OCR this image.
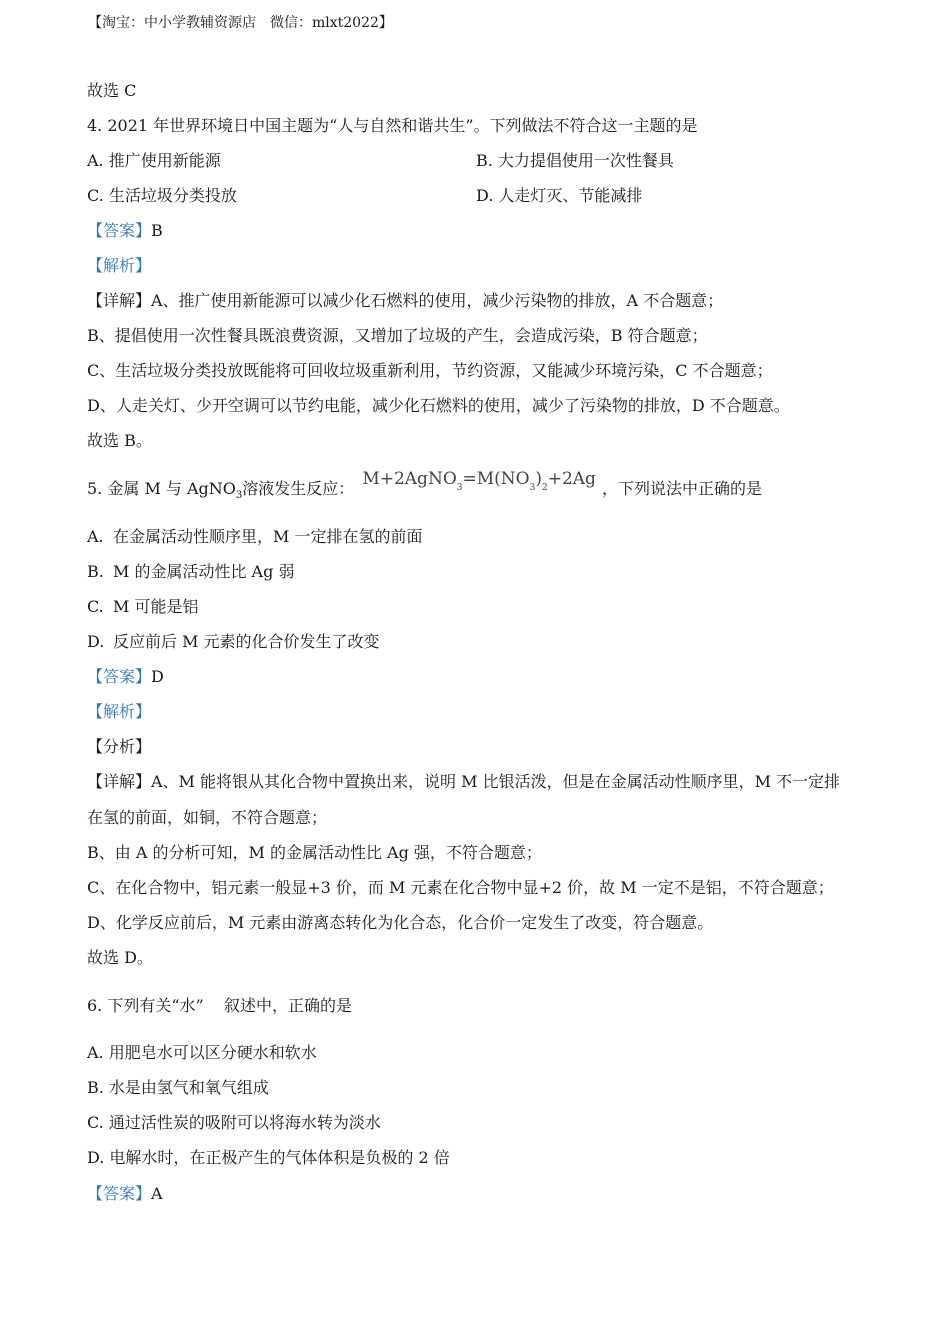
【淘宝：中小学教辅资源店 微信：mlxt2022】
故选 C
4. 2021 年世界环境日中国主题为“人与自然和谐共生”。下列做法不符合这一主题的是
A. 推广使用新能源	B. 大力提倡使用一次性餐具
C. 生活垃圾分类投放	D. 人走灯灭、节能减排
【答案】B
【解析】
【详解】A、推广使用新能源可以减少化石燃料的使用，减少污染物的排放，A 不合题意；
B、提倡使用一次性餐具既浪费资源，又增加了垃圾的产生，会造成污染，B 符合题意；
C、生活垃圾分类投放既能将可回收垃圾重新利用，节约资源，又能减少环境污染，C 不合题意；
D、人走关灯、少开空调可以节约电能，减少化石燃料的使用，减少了污染物的排放，D 不合题意。
故选 B。
5. 金属 M 与 AgNO$_3$溶液发生反应： $M+2AgNO_3=M(NO_3)_2+2Ag$ ，下列说法中正确的是
A. 在金属活动性顺序里，M 一定排在氢的前面
B. M 的金属活动性比 Ag 弱
C. M 可能是铝
D. 反应前后 M 元素的化合价发生了改变
【答案】D
【解析】
【分析】
【详解】A、M 能将银从其化合物中置换出来，说明 M 比银活泼，但是在金属活动性顺序里，M 不一定排
在氢的前面，如铜，不符合题意；
B、由 A 的分析可知，M 的金属活动性比 Ag 强，不符合题意；
C、在化合物中，铝元素一般显+3 价，而 M 元素在化合物中显+2 价，故 M 一定不是铝，不符合题意；
D、化学反应前后，M 元素由游离态转化为化合态，化合价一定发生了改变，符合题意。
故选 D。
6. 下列有关“水”    叙述中，正确的是
A. 用肥皂水可以区分硬水和软水
B. 水是由氢气和氧气组成
C. 通过活性炭的吸附可以将海水转为淡水
D. 电解水时，在正极产生的气体体积是负极的 2 倍
【答案】A
